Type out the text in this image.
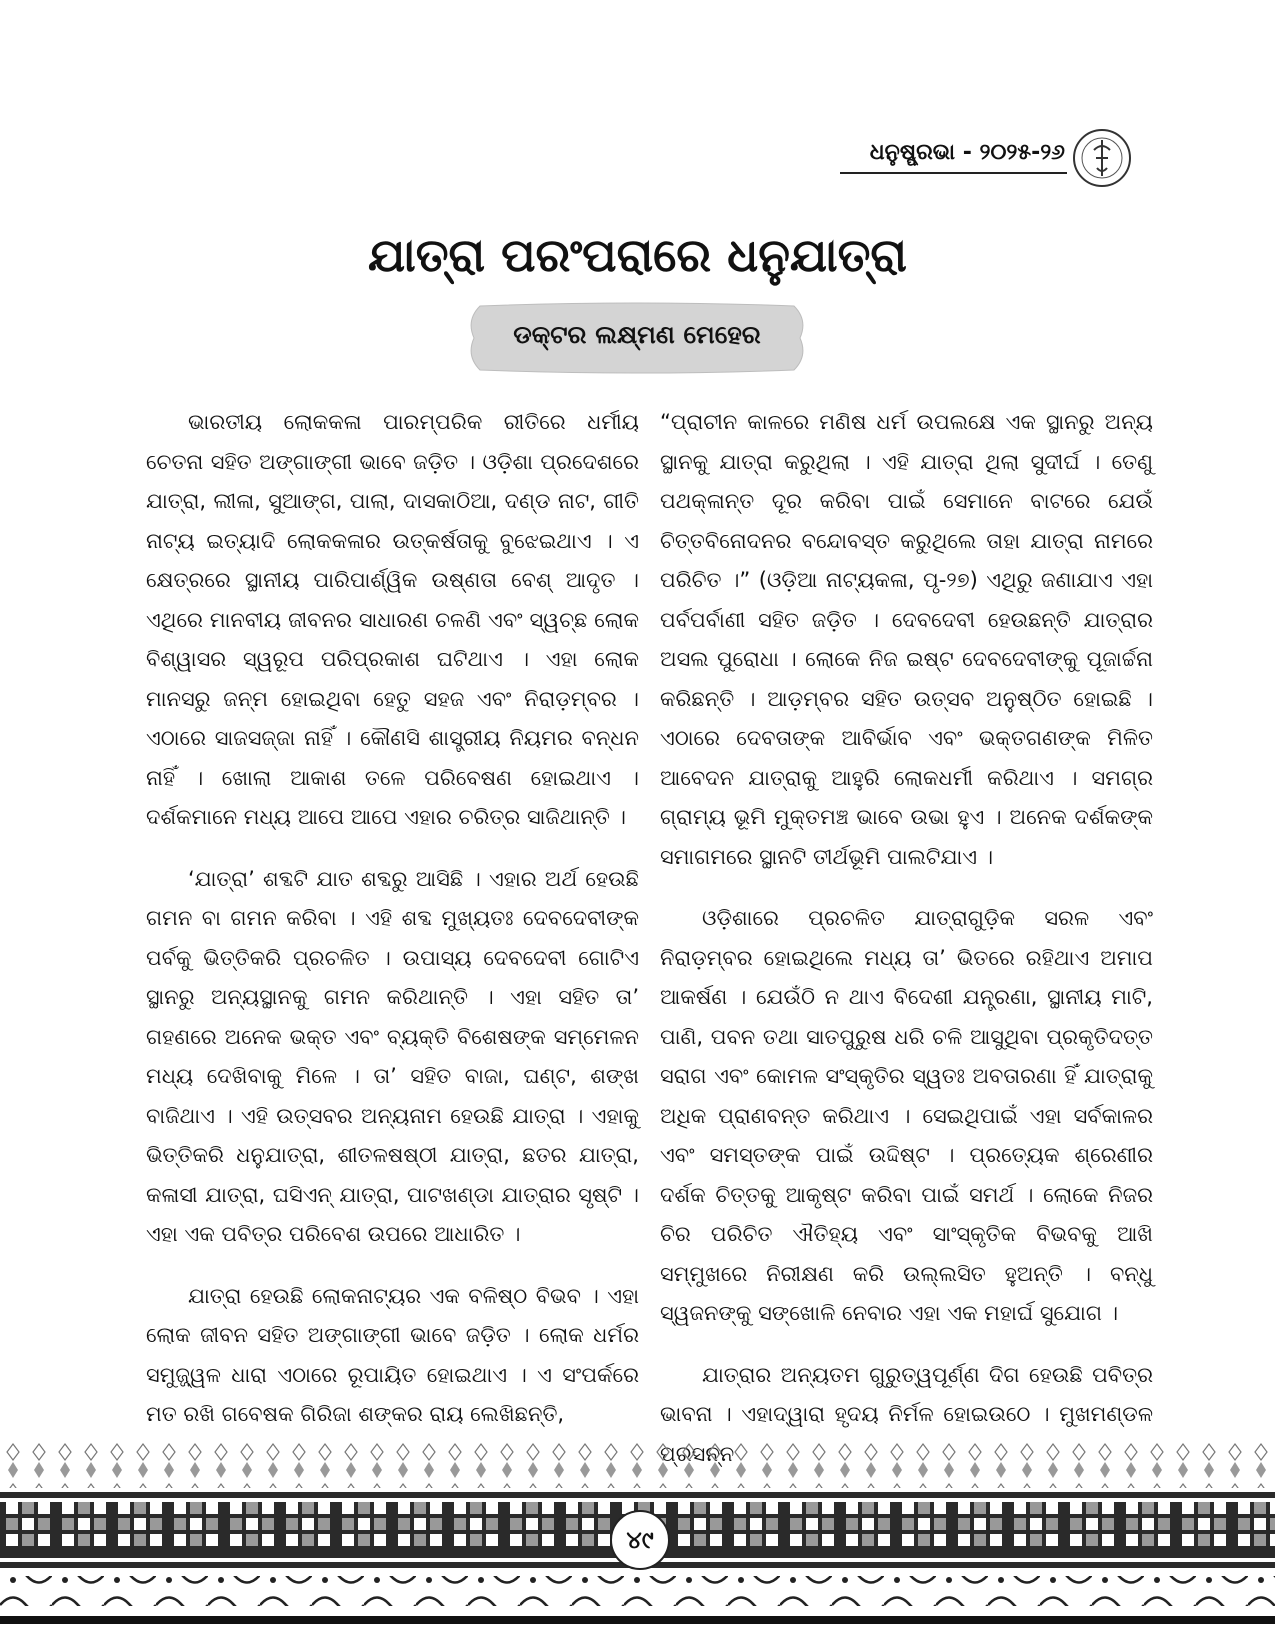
ଧନୁଷ୍ପ୍ରଭା - ୨୦୨୫-୨୬
ଯାତ୍ରା ପରଂପରାରେ ଧନୁଯାତ୍ରା
ଡକ୍ଟର ଲକ୍ଷ୍ମଣ ମେହେର

ଭାରତୀୟ ଲୋକକଳା ପାରମ୍ପରିକ ରୀତିରେ ଧର୍ମୀୟ ଚେତନା ସହିତ ଅଙ୍ଗାଙ୍ଗୀ ଭାବେ ଜଡ଼ିତ । ଓଡ଼ିଶା ପ୍ରଦେଶରେ ଯାତ୍ରା, ଲୀଳା, ସୁଆଙ୍ଗ, ପାଲା, ଦାସକାଠିଆ, ଦଣ୍ଡ ନାଟ, ଗୀତି ନାଟ୍ୟ ଇତ୍ୟାଦି ଲୋକକଳାର ଉତ୍କର୍ଷତାକୁ ବୁଝେଇଥାଏ । ଏ କ୍ଷେତ୍ରରେ ସ୍ଥାନୀୟ ପାରିପାର୍ଶ୍ୱିକ ଉଷ୍ଣତା ବେଶ୍ ଆଦୃତ । ଏଥିରେ ମାନବୀୟ ଜୀବନର ସାଧାରଣ ଚଳଣି ଏବଂ ସ୍ୱଚ୍ଛ ଲୋକ ବିଶ୍ୱାସର ସ୍ୱରୂପ ପରିପ୍ରକାଶ ଘଟିଥାଏ । ଏହା ଲୋକ ମାନସରୁ ଜନ୍ମ ହୋଇଥିବା ହେତୁ ସହଜ ଏବଂ ନିରାଡ଼ମ୍ବର । ଏଠାରେ ସାଜସଜ୍ଜା ନାହିଁ । କୌଣସି ଶାସ୍ତ୍ରୀୟ ନିୟମର ବନ୍ଧନ ନାହିଁ । ଖୋଲା ଆକାଶ ତଳେ ପରିବେଷଣ ହୋଇଥାଏ । ଦର୍ଶକମାନେ ମଧ୍ୟ ଆପେ ଆପେ ଏହାର ଚରିତ୍ର ସାଜିଥାନ୍ତି ।

‘ଯାତ୍ରା’ ଶବ୍ଦଟି ଯାତ ଶବ୍ଦରୁ ଆସିଛି । ଏହାର ଅର୍ଥ ହେଉଛି ଗମନ ବା ଗମନ କରିବା । ଏହି ଶବ୍ଦ ମୁଖ୍ୟତଃ ଦେବଦେବୀଙ୍କ ପର୍ବକୁ ଭିତ୍ତିକରି ପ୍ରଚଳିତ । ଉପାସ୍ୟ ଦେବଦେବୀ ଗୋଟିଏ ସ୍ଥାନରୁ ଅନ୍ୟସ୍ଥାନକୁ ଗମନ କରିଥାନ୍ତି । ଏହା ସହିତ ତା’ ଗହଣରେ ଅନେକ ଭକ୍ତ ଏବଂ ବ୍ୟକ୍ତି ବିଶେଷଙ୍କ ସମ୍ମେଳନ ମଧ୍ୟ ଦେଖିବାକୁ ମିଳେ । ତା’ ସହିତ ବାଜା, ଘଣ୍ଟ, ଶଙ୍ଖ ବାଜିଥାଏ । ଏହି ଉତ୍ସବର ଅନ୍ୟନାମ ହେଉଛି ଯାତ୍ରା । ଏହାକୁ ଭିତ୍ତିକରି ଧନୁଯାତ୍ରା, ଶୀତଳଷଷ୍ଠୀ ଯାତ୍ରା, ଛତର ଯାତ୍ରା, କଳାସୀ ଯାତ୍ରା, ଘସିଏନ୍ ଯାତ୍ରା, ପାଟଖଣ୍ଡା ଯାତ୍ରାର ସୃଷ୍ଟି । ଏହା ଏକ ପବିତ୍ର ପରିବେଶ ଉପରେ ଆଧାରିତ ।

ଯାତ୍ରା ହେଉଛି ଲୋକନାଟ୍ୟର ଏକ ବଳିଷ୍ଠ ବିଭବ । ଏହା ଲୋକ ଜୀବନ ସହିତ ଅଙ୍ଗାଙ୍ଗୀ ଭାବେ ଜଡ଼ିତ । ଲୋକ ଧର୍ମର ସମୁଜ୍ଜ୍ୱଳ ଧାରା ଏଠାରେ ରୂପାୟିତ ହୋଇଥାଏ । ଏ ସଂପର୍କରେ ମତ ରଖି ଗବେଷକ ଗିରିଜା ଶଙ୍କର ରାୟ ଲେଖିଛନ୍ତି,

“ପ୍ରାଚୀନ କାଳରେ ମଣିଷ ଧର୍ମ ଉପଲକ୍ଷେ ଏକ ସ୍ଥାନରୁ ଅନ୍ୟ ସ୍ଥାନକୁ ଯାତ୍ରା କରୁଥିଲା । ଏହି ଯାତ୍ରା ଥିଲା ସୁଦୀର୍ଘ । ତେଣୁ ପଥକ୍ଳାନ୍ତ ଦୂର କରିବା ପାଇଁ ସେମାନେ ବାଟରେ ଯେଉଁ ଚିତ୍ତବିନୋଦନର ବନ୍ଦୋବସ୍ତ କରୁଥିଲେ ତାହା ଯାତ୍ରା ନାମରେ ପରିଚିତ ।” (ଓଡ଼ିଆ ନାଟ୍ୟକଳା, ପୃ-୨୭) ଏଥିରୁ ଜଣାଯାଏ ଏହା ପର୍ବପର୍ବାଣୀ ସହିତ ଜଡ଼ିତ । ଦେବଦେବୀ ହେଉଛନ୍ତି ଯାତ୍ରାର ଅସଲ ପୁରୋଧା । ଲୋକେ ନିଜ ଇଷ୍ଟ ଦେବଦେବୀଙ୍କୁ ପୂଜାର୍ଚ୍ଚନା କରିଛନ୍ତି । ଆଡ଼ମ୍ବର ସହିତ ଉତ୍ସବ ଅନୁଷ୍ଠିତ ହୋଇଛି । ଏଠାରେ ଦେବତାଙ୍କ ଆବିର୍ଭାବ ଏବଂ ଭକ୍ତଗଣଙ୍କ ମିଳିତ ଆବେଦନ ଯାତ୍ରାକୁ ଆହୁରି ଲୋକଧର୍ମୀ କରିଥାଏ । ସମଗ୍ର ଗ୍ରାମ୍ୟ ଭୂମି ମୁକ୍ତମଞ୍ଚ ଭାବେ ଉଭା ହୁଏ । ଅନେକ ଦର୍ଶକଙ୍କ ସମାଗମରେ ସ୍ଥାନଟି ତୀର୍ଥଭୂମି ପାଲଟିଯାଏ ।

ଓଡ଼ିଶାରେ ପ୍ରଚଳିତ ଯାତ୍ରାଗୁଡ଼ିକ ସରଳ ଏବଂ ନିରାଡ଼ମ୍ବର ହୋଇଥିଲେ ମଧ୍ୟ ତା’ ଭିତରେ ରହିଥାଏ ଅମାପ ଆକର୍ଷଣ । ଯେଉଁଠି ନ ଥାଏ ବିଦେଶୀ ଯନ୍ତ୍ରଣା, ସ୍ଥାନୀୟ ମାଟି, ପାଣି, ପବନ ତଥା ସାତପୁରୁଷ ଧରି ଚଳି ଆସୁଥିବା ପ୍ରକୃତିଦତ୍ତ ସରାଗ ଏବଂ କୋମଳ ସଂସ୍କୃତିର ସ୍ୱତଃ ଅବତାରଣା ହିଁ ଯାତ୍ରାକୁ ଅଧିକ ପ୍ରାଣବନ୍ତ କରିଥାଏ । ସେଇଥିପାଇଁ ଏହା ସର୍ବକାଳର ଏବଂ ସମସ୍ତଙ୍କ ପାଇଁ ଉଦ୍ଦିଷ୍ଟ । ପ୍ରତ୍ୟେକ ଶ୍ରେଣୀର ଦର୍ଶକ ଚିତ୍ତକୁ ଆକୃଷ୍ଟ କରିବା ପାଇଁ ସମର୍ଥ । ଲୋକେ ନିଜର ଚିର ପରିଚିତ ଐତିହ୍ୟ ଏବଂ ସାଂସ୍କୃତିକ ବିଭବକୁ ଆଖି ସମ୍ମୁଖରେ ନିରୀକ୍ଷଣ କରି ଉଲ୍ଲସିତ ହୁଅନ୍ତି । ବନ୍ଧୁ ସ୍ୱଜନଙ୍କୁ ସଙ୍ଖୋଳି ନେବାର ଏହା ଏକ ମହାର୍ଘ ସୁଯୋଗ ।

ଯାତ୍ରାର ଅନ୍ୟତମ ଗୁରୁତ୍ୱପୂର୍ଣ୍ଣ ଦିଗ ହେଉଛି ପବିତ୍ର ଭାବନା । ଏହାଦ୍ୱାରା ହୃଦୟ ନିର୍ମଳ ହୋଇଉଠେ । ମୁଖମଣ୍ଡଳ

୪୯
